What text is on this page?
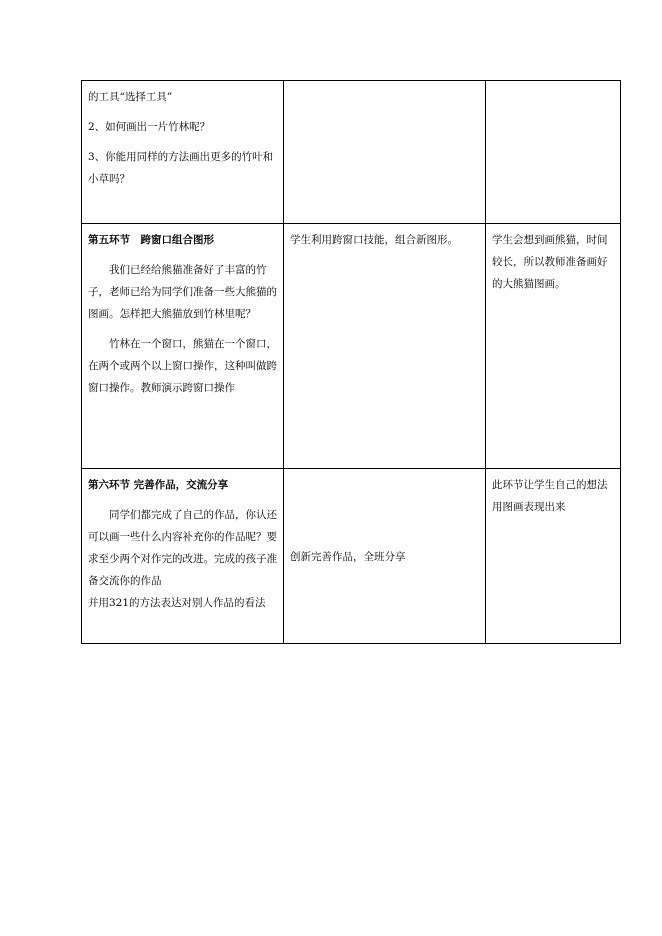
的工具“选择工具”

2、如何画出一片竹林呢？

3、你能用同样的方法画出更多的竹叶和小草吗？		

第五环节　跨窗口组合图形

我们已经给熊猫准备好了丰富的竹子，老师已给为同学们准备一些大熊猫的图画。怎样把大熊猫放到竹林里呢？

竹林在一个窗口，熊猫在一个窗口，在两个或两个以上窗口操作，这种叫做跨窗口操作。教师演示跨窗口操作	学生利用跨窗口技能，组合新图形。	学生会想到画熊猫，时间较长，所以教师准备画好的大熊猫图画。

第六环节 完善作品，交流分享

同学们都完成了自己的作品，你认还可以画一些什么内容补充你的作品呢？要求至少两个对作完的改进。完成的孩子准备交流你的作品

并用321的方法表达对别人作品的看法	创新完善作品，全班分享	此环节让学生自己的想法用图画表现出来
